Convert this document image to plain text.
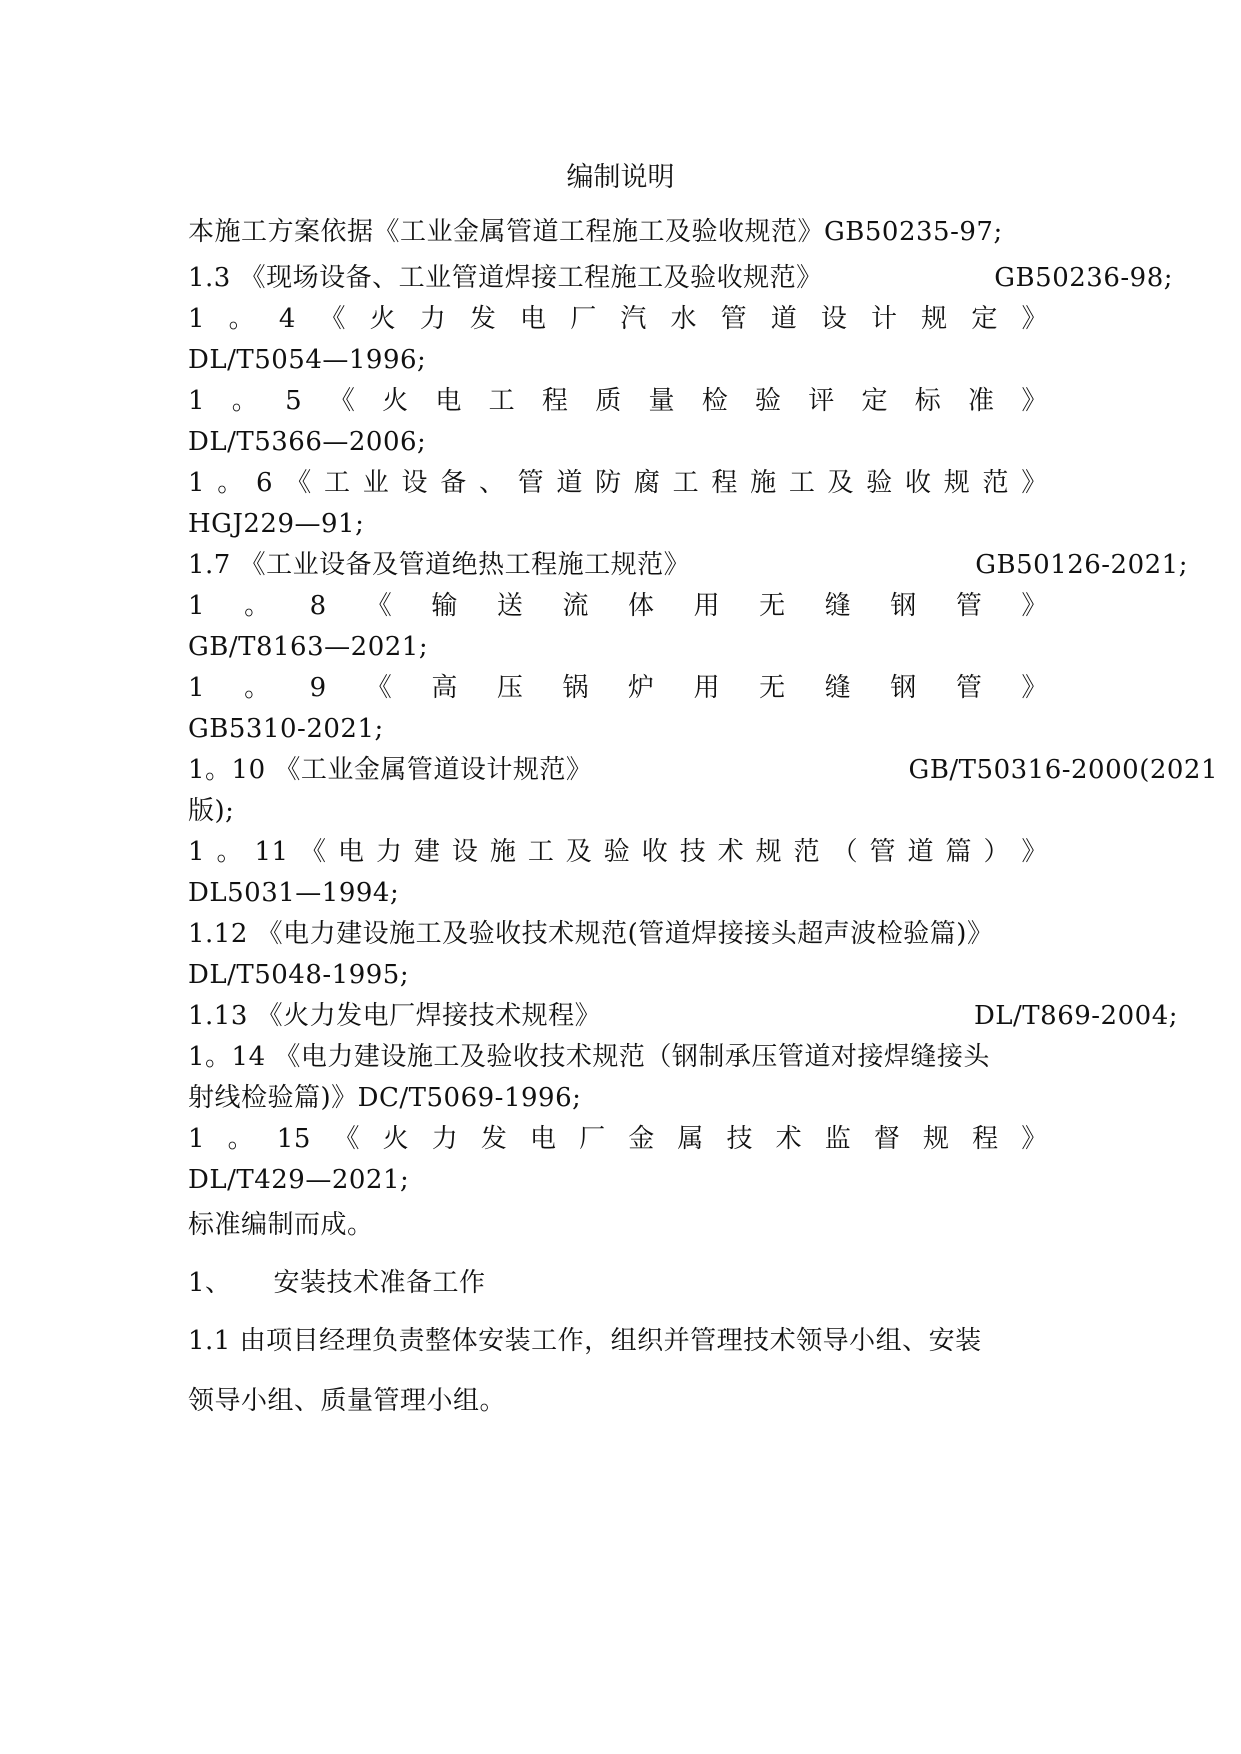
编制说明
本施工方案依据《工业金属管道工程施工及验收规范》GB50235-97;
1.3 《现场设备、工业管道焊接工程施工及验收规范》	GB50236-98;
1 。 4 《 火 力 发 电 厂 汽 水 管 道 设 计 规 定 》
DL/T5054—1996;
1 。 5 《 火 电 工 程 质 量 检 验 评 定 标 准 》
DL/T5366—2006;
1 。 6 《 工 业 设 备 、 管 道 防 腐 工 程 施 工 及 验 收 规 范 》
HGJ229—91;
1.7 《工业设备及管道绝热工程施工规范》	GB50126-2021;
1 。 8 《 输 送 流 体 用 无 缝 钢 管 》
GB/T8163—2021;
1 。 9 《 高 压 锅 炉 用 无 缝 钢 管 》
GB5310-2021;
1。10 《工业金属管道设计规范》	GB/T50316-2000(2021
版);
1 。 11 《 电 力 建 设 施 工 及 验 收 技 术 规 范 （ 管 道 篇 ） 》
DL5031—1994;
1.12 《电力建设施工及验收技术规范(管道焊接接头超声波检验篇)》
DL/T5048-1995;
1.13 《火力发电厂焊接技术规程》	DL/T869-2004;
1。14 《电力建设施工及验收技术规范（钢制承压管道对接焊缝接头
射线检验篇)》DC/T5069-1996;
1 。 15 《 火 力 发 电 厂 金 属 技 术 监 督 规 程 》
DL/T429—2021;
标准编制而成。
1、 安装技术准备工作
1.1 由项目经理负责整体安装工作，组织并管理技术领导小组、安装
领导小组、质量管理小组。
